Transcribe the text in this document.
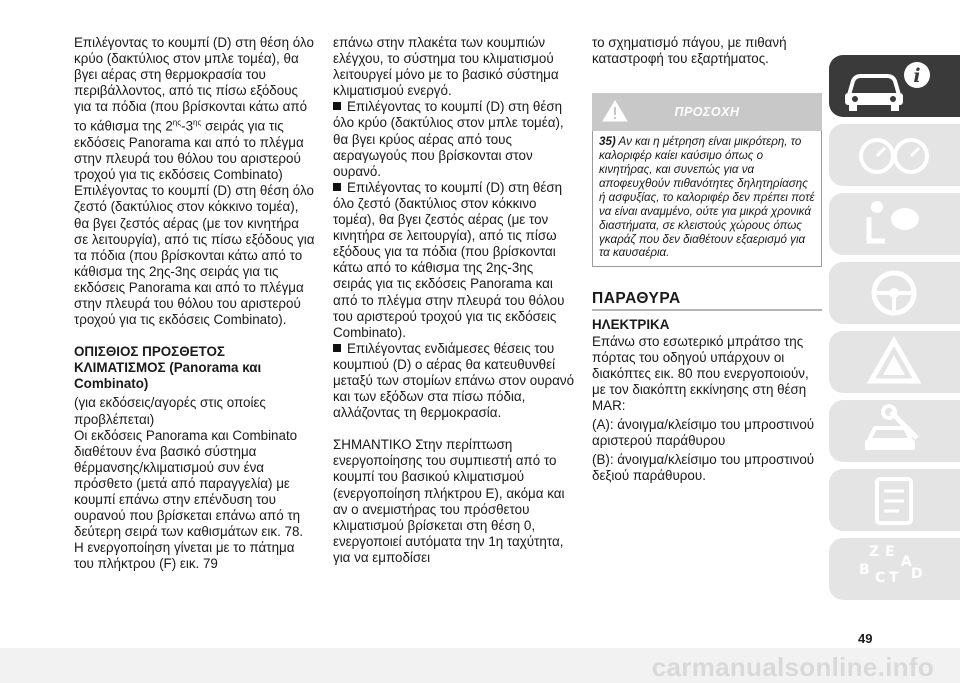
Επιλέγοντας το κουμπί (D) στη θέση όλο κρύο (δακτύλιος στον μπλε τομέα), θα βγει αέρας στη θερμοκρασία του περιβάλλοντος, από τις πίσω εξόδους για τα πόδια (που βρίσκονται κάτω από το κάθισμα της $2^{\eta\varsigma}-3^{\eta\varsigma}$ σειράς για τις εκδόσεις Panorama και από το πλέγμα στην πλευρά του θόλου του αριστερού τροχού για τις εκδόσεις Combinato)

Επιλέγοντας το κουμπί (D) στη θέση όλο ζεστό (δακτύλιος στον κόκκινο τομέα), θα βγει ζεστός αέρας (με τον κινητήρα σε λειτουργία), από τις πίσω εξόδους για τα πόδια (που βρίσκονται κάτω από το κάθισμα της 2ης-3ης σειράς για τις εκδόσεις Panorama και από το πλέγμα στην πλευρά του θόλου του αριστερού τροχού για τις εκδόσεις Combinato).

ΟΠΙΣΘΙΟΣ ΠΡΟΣΘΕΤΟΣ ΚΛΙΜΑΤΙΣΜΟΣ (Panorama και Combinato)

(για εκδόσεις/αγορές στις οποίες προβλέπεται)

Οι εκδόσεις Panorama και Combinato διαθέτουν ένα βασικό σύστημα θέρμανσης/κλιματισμού συν ένα πρόσθετο (μετά από παραγγελία) με κουμπί επάνω στην επένδυση του ουρανού που βρίσκεται επάνω από τη δεύτερη σειρά των καθισμάτων εικ. 78. Η ενεργοποίηση γίνεται με το πάτημα του πλήκτρου (F) εικ. 79

επάνω στην πλακέτα των κουμπιών ελέγχου, το σύστημα του κλιματισμού λειτουργεί μόνο με το βασικό σύστημα κλιματισμού ενεργό.

Επιλέγοντας το κουμπί (D) στη θέση όλο κρύο (δακτύλιος στον μπλε τομέα), θα βγει κρύος αέρας από τους αεραγωγούς που βρίσκονται στον ουρανό.

Επιλέγοντας το κουμπί (D) στη θέση όλο ζεστό (δακτύλιος στον κόκκινο τομέα), θα βγει ζεστός αέρας (με τον κινητήρα σε λειτουργία), από τις πίσω εξόδους για τα πόδια (που βρίσκονται κάτω από το κάθισμα της 2ης-3ης σειράς για τις εκδόσεις Panorama και από το πλέγμα στην πλευρά του θόλου του αριστερού τροχού για τις εκδόσεις Combinato).

Επιλέγοντας ενδιάμεσες θέσεις του κουμπιού (D) ο αέρας θα κατευθυνθεί μεταξύ των στομίων επάνω στον ουρανό και των εξόδων στα πίσω πόδια, αλλάζοντας τη θερμοκρασία.

ΣΗΜΑΝΤΙΚΟ Στην περίπτωση ενεργοποίησης του συμπιεστή από το κουμπί του βασικού κλιματισμού (ενεργοποίηση πλήκτρου E), ακόμα και αν ο ανεμιστήρας του πρόσθετου κλιματισμού βρίσκεται στη θέση 0, ενεργοποιεί αυτόματα την 1η ταχύτητα, για να εμποδίσει

το σχηματισμό πάγου, με πιθανή καταστροφή του εξαρτήματος.

ΠΡΟΣΟΧΗ
35) Αν και η μέτρηση είναι μικρότερη, το καλοριφέρ καίει καύσιμο όπως ο κινητήρας, και συνεπώς για να αποφευχθούν πιθανότητες δηλητηρίασης ή ασφυξίας, το καλοριφέρ δεν πρέπει ποτέ να είναι αναμμένο, ούτε για μικρά χρονικά διαστήματα, σε κλειστούς χώρους όπως γκαράζ που δεν διαθέτουν εξαερισμό για τα καυσαέρια.

ΠΑΡΑΘΥΡΑ

ΗΛΕΚΤΡΙΚΑ

Επάνω στο εσωτερικό μπράτσο της πόρτας του οδηγού υπάρχουν οι διακόπτες εικ. 80 που ενεργοποιούν, με τον διακόπτη εκκίνησης στη θέση MAR:

(A): άνοιγμα/κλείσιμο του μπροστινού αριστερού παράθυρου

(B): άνοιγμα/κλείσιμο του μπροστινού δεξιού παράθυρου.

i
Z EAB C T D
49
carmanualsonline.info
